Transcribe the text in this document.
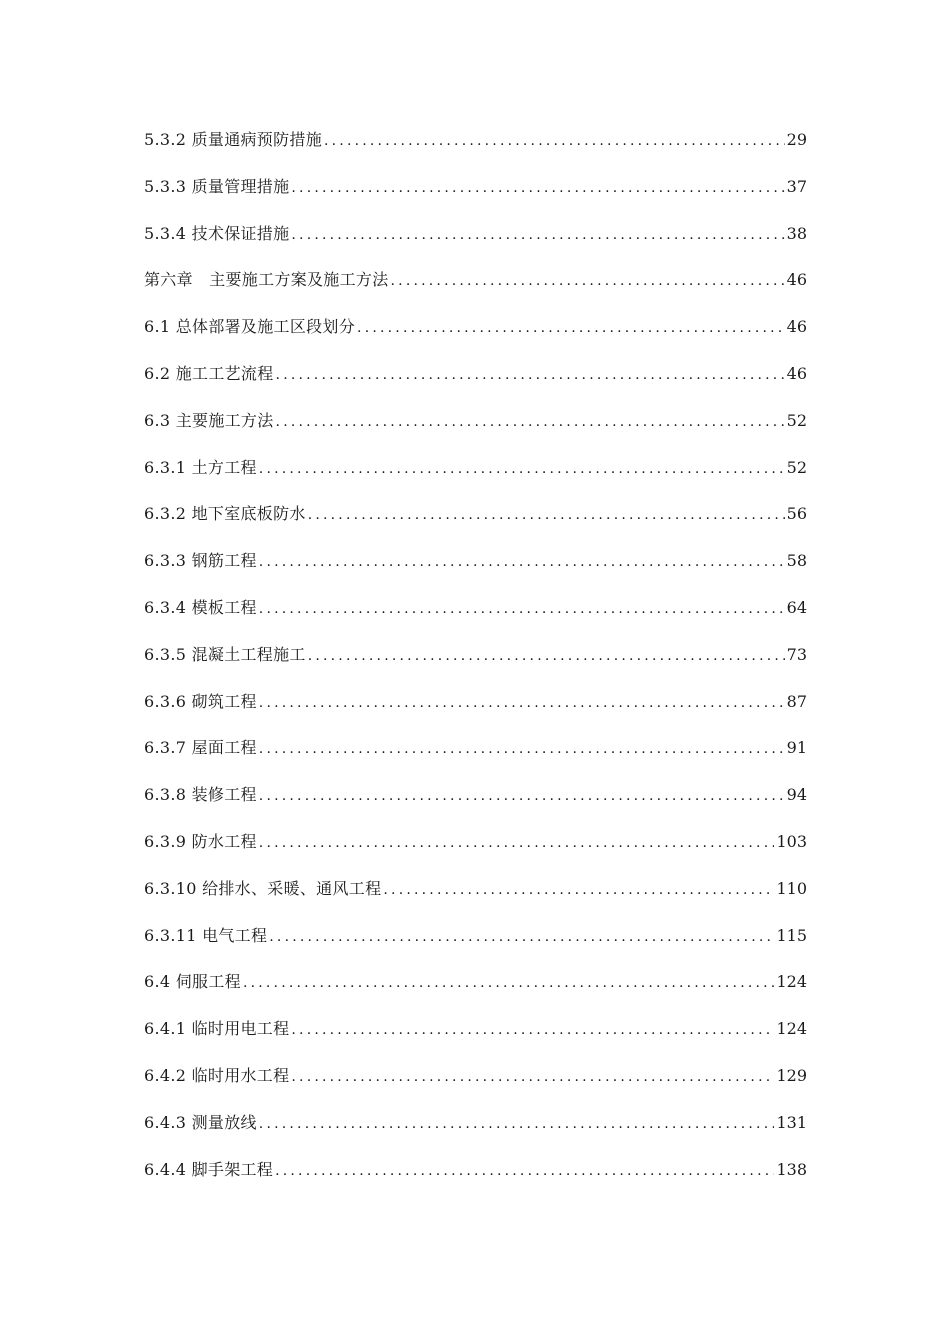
5.3.2 质量通病预防措施 .....	29
5.3.3 质量管理措施 .....	37
5.3.4 技术保证措施 .....	38
第六章　主要施工方案及施工方法 .....	46
6.1 总体部署及施工区段划分 .....	46
6.2 施工工艺流程 .....	46
6.3 主要施工方法 .....	52
6.3.1 土方工程 .....	52
6.3.2 地下室底板防水 .....	56
6.3.3 钢筋工程 .....	58
6.3.4 模板工程 .....	64
6.3.5 混凝土工程施工 .....	73
6.3.6 砌筑工程 .....	87
6.3.7 屋面工程 .....	91
6.3.8 装修工程 .....	94
6.3.9 防水工程 .....	103
6.3.10 给排水、采暖、通风工程 .....	110
6.3.11 电气工程 .....	115
6.4 伺服工程 .....	124
6.4.1 临时用电工程 .....	124
6.4.2 临时用水工程 .....	129
6.4.3 测量放线 .....	131
6.4.4 脚手架工程 .....	138
